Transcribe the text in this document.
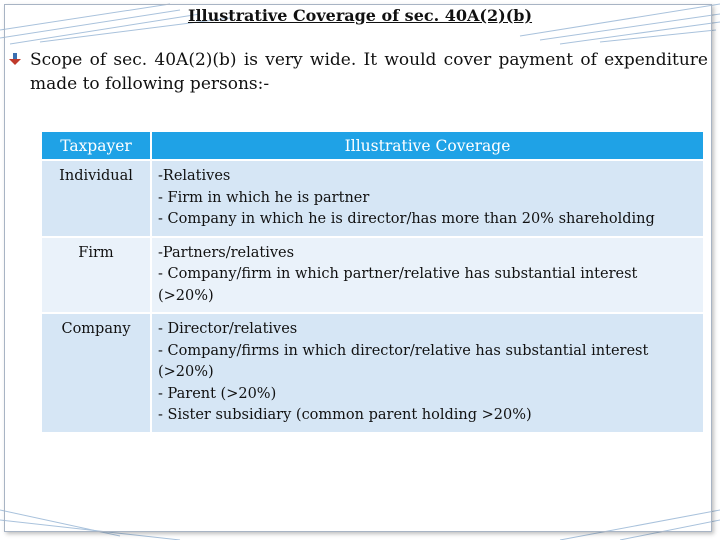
Illustrative Coverage of sec. 40A(2)(b)
Scope of sec. 40A(2)(b) is very wide. It would cover payment of expenditure made to following persons:-
Taxpayer	Illustrative Coverage
Individual	-Relatives
- Firm in which he is partner
- Company in which he is director/has more than 20% shareholding

Firm	-Partners/relatives
- Company/firm in which partner/relative has substantial interest (>20%)

Company	- Director/relatives
- Company/firms in which director/relative has substantial interest (>20%)
- Parent (>20%)
- Sister subsidiary (common parent holding >20%)
